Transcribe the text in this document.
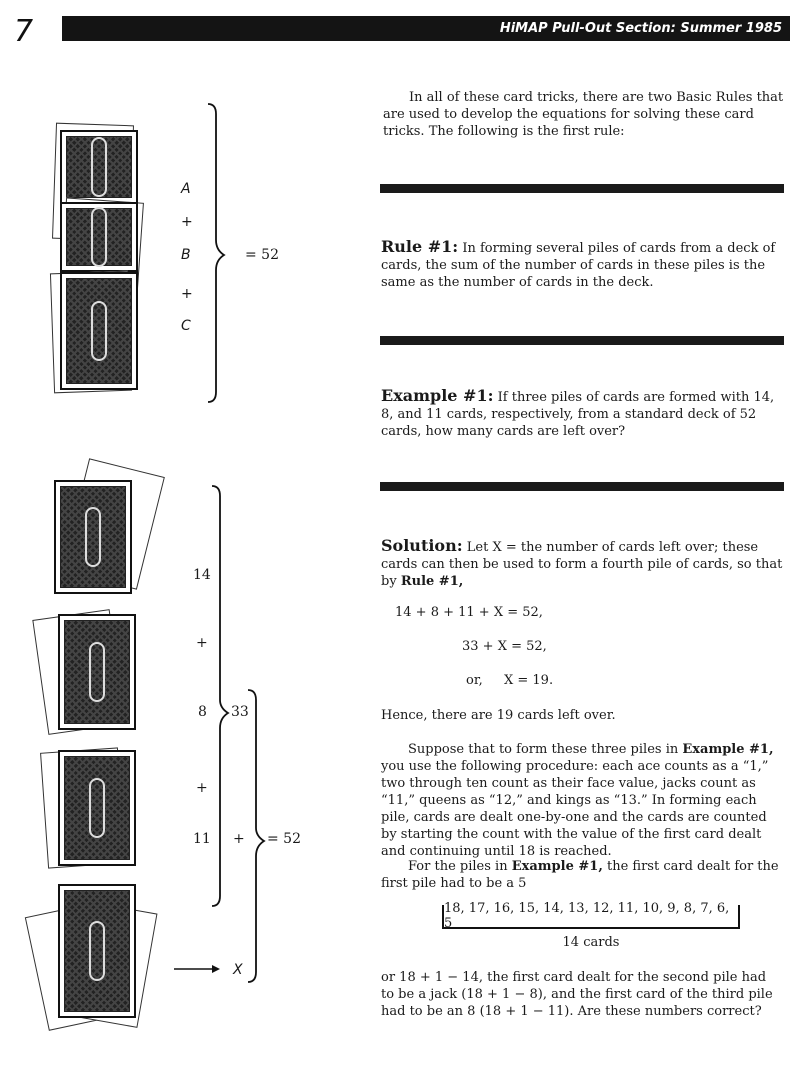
7	HiMAP Pull-Out Section: Summer 1985
A
+
B
+
C
= 52
14
+
8
+
11
33
+ = 52
X
In all of these card tricks, there are two Basic Rules that are used to develop the equations for solving these card tricks. The following is the first rule:
Rule #1: In forming several piles of cards from a deck of cards, the sum of the number of cards in these piles is the same as the number of cards in the deck.
Example #1: If three piles of cards are formed with 14, 8, and 11 cards, respectively, from a standard deck of 52 cards, how many cards are left over?
Solution: Let X = the number of cards left over; these cards can then be used to form a fourth pile of cards, so that by Rule #1,
14 + 8 + 11 + X = 52,
33 + X = 52,
or, X = 19.
Hence, there are 19 cards left over.
Suppose that to form these three piles in Example #1, you use the following procedure: each ace counts as a “1,” two through ten count as their face value, jacks count as “11,” queens as “12,” and kings as “13.” In forming each pile, cards are dealt one-by-one and the cards are counted by starting the count with the value of the first card dealt and continuing until 18 is reached.
For the piles in Example #1, the first card dealt for the first pile had to be a 5
18, 17, 16, 15, 14, 13, 12, 11, 10, 9, 8, 7, 6, 5
14 cards
or 18 + 1 − 14, the first card dealt for the second pile had to be a jack (18 + 1 − 8), and the first card of the third pile had to be an 8 (18 + 1 − 11). Are these numbers correct?
